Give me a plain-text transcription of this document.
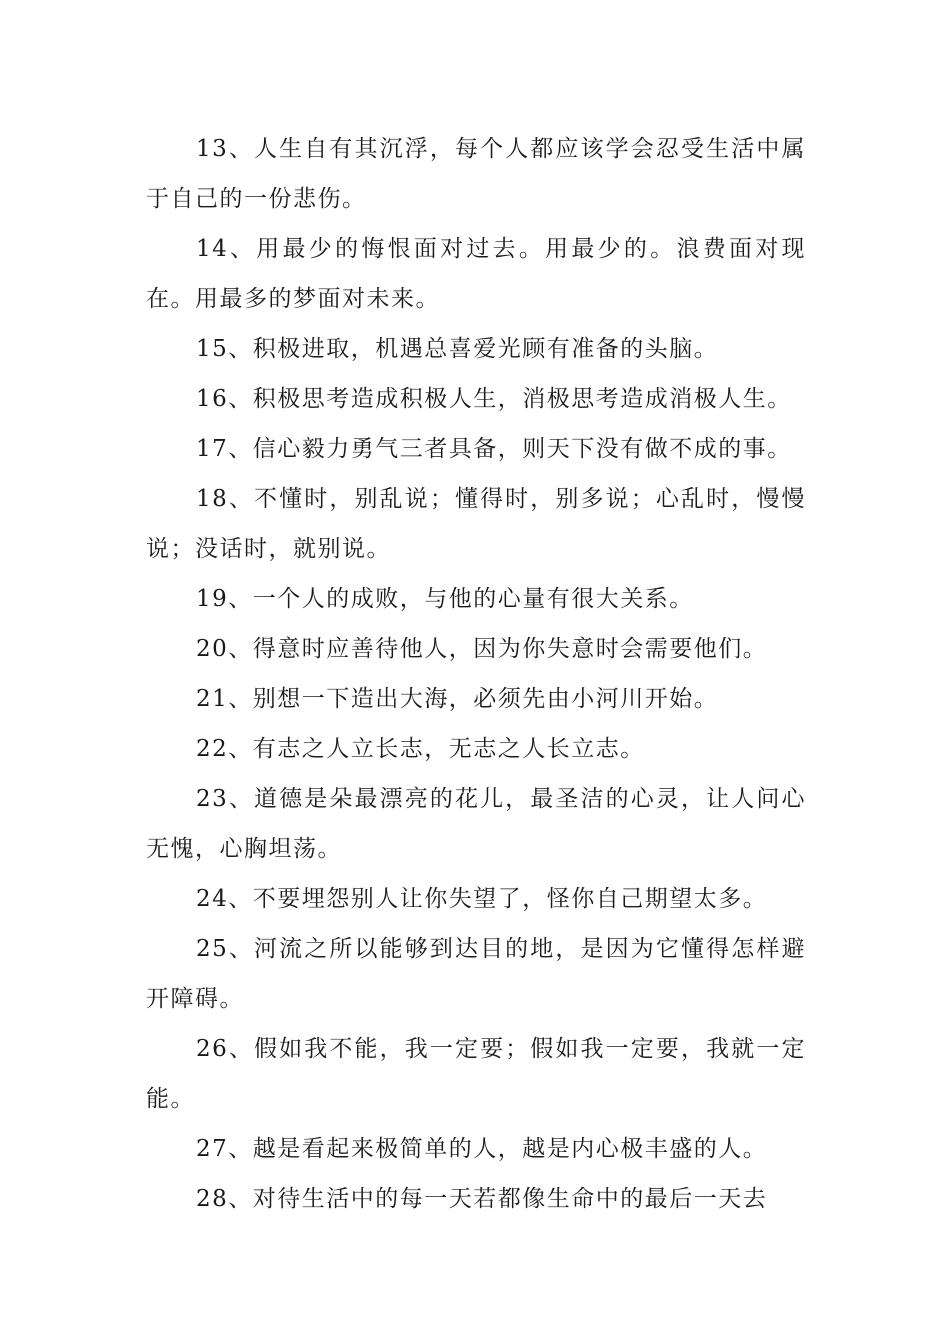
13、人生自有其沉浮，每个人都应该学会忍受生活中属于自己的一份悲伤。

14、用最少的悔恨面对过去。用最少的。浪费面对现在。用最多的梦面对未来。

15、积极进取，机遇总喜爱光顾有准备的头脑。

16、积极思考造成积极人生，消极思考造成消极人生。

17、信心毅力勇气三者具备，则天下没有做不成的事。

18、不懂时，别乱说；懂得时，别多说；心乱时，慢慢说；没话时，就别说。

19、一个人的成败，与他的心量有很大关系。

20、得意时应善待他人，因为你失意时会需要他们。

21、别想一下造出大海，必须先由小河川开始。

22、有志之人立长志，无志之人长立志。

23、道德是朵最漂亮的花儿，最圣洁的心灵，让人问心无愧，心胸坦荡。

24、不要埋怨别人让你失望了，怪你自己期望太多。

25、河流之所以能够到达目的地，是因为它懂得怎样避开障碍。

26、假如我不能，我一定要；假如我一定要，我就一定能。

27、越是看起来极简单的人，越是内心极丰盛的人。

28、对待生活中的每一天若都像生命中的最后一天去
